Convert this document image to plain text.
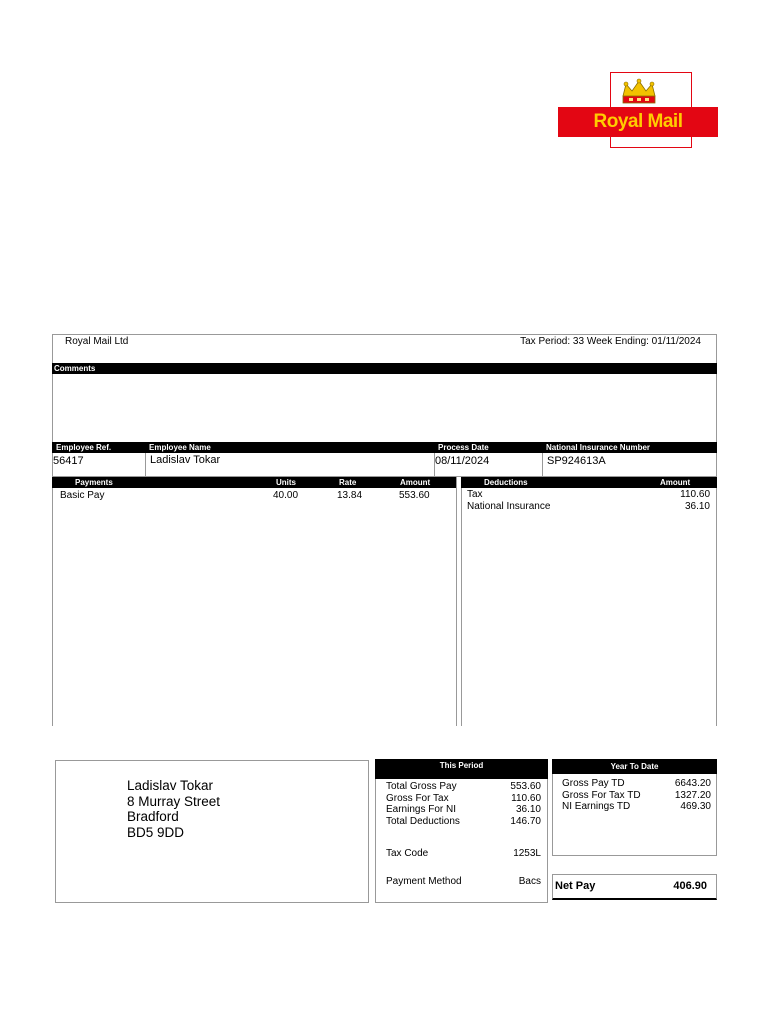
Royal Mail
Royal Mail Ltd	Tax Period: 33 Week Ending: 01/11/2024
Comments
Employee Ref.	Employee Name	Process Date	National Insurance Number
56417	Ladislav Tokar	08/11/2024	SP924613A
Payments	Units	Rate	Amount
Basic Pay	40.00	13.84	553.60
Deductions	Amount
Tax	110.60
National Insurance	36.10
Ladislav Tokar
8 Murray Street
Bradford
BD5 9DD
This Period
Total Gross Pay	553.60
Gross For Tax	110.60
Earnings For NI	36.10
Total Deductions	146.70
Tax Code	1253L
Payment Method	Bacs
Year To Date
Gross Pay TD	6643.20
Gross For Tax TD	1327.20
NI Earnings TD	469.30
Net Pay	406.90
